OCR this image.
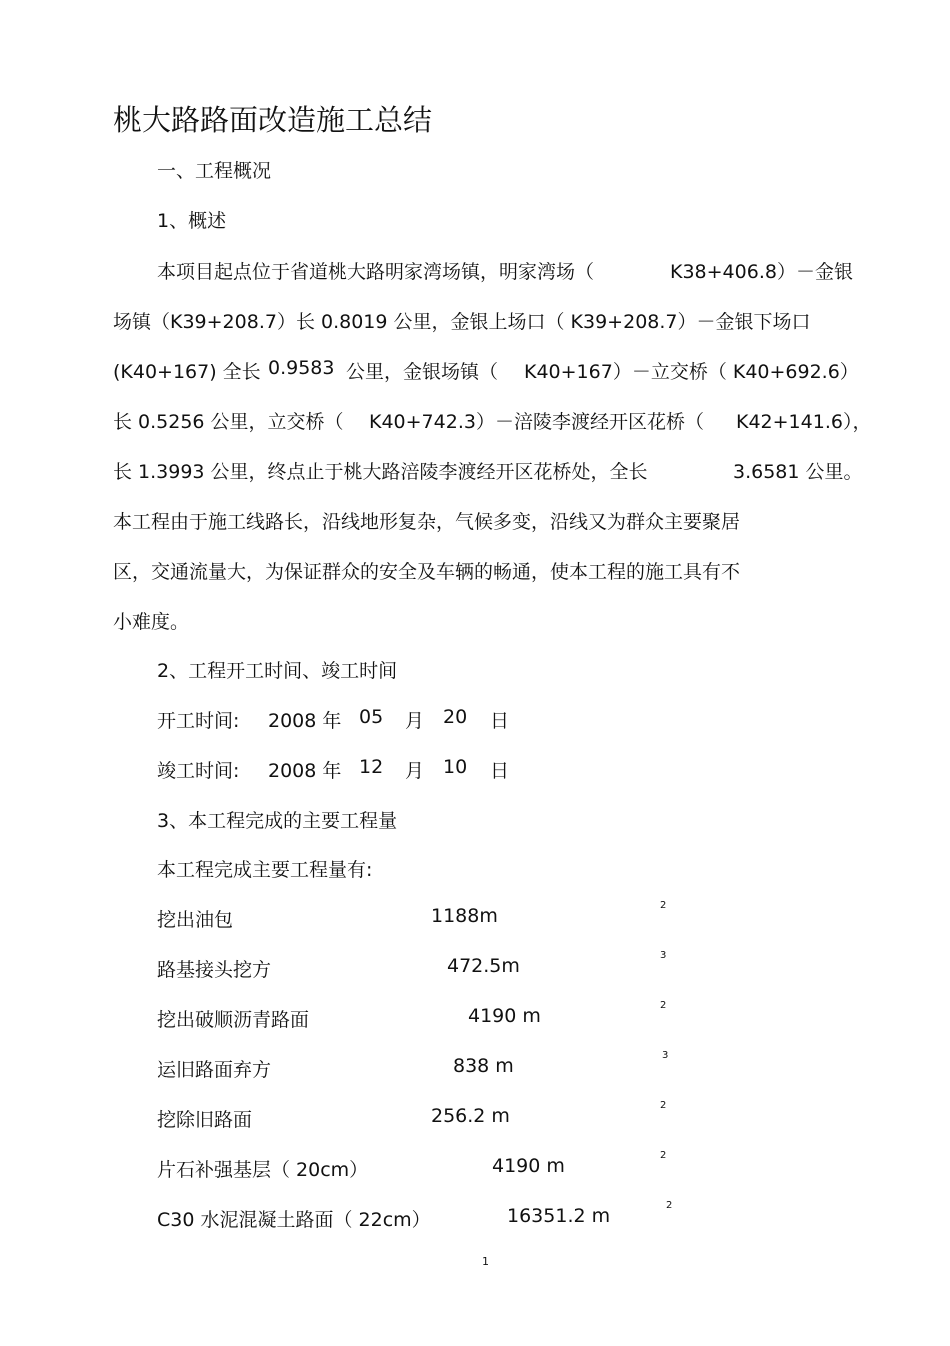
桃大路路面改造施工总结
一、工程概况
1、概述
本项目起点位于省道桃大路明家湾场镇，明家湾场（	K38+406.8）－金银
场镇（K39+208.7）长 0.8019 公里，金银上场口（ K39+208.7）－金银下场口
(K40+167) 全长 0.9583 公里，金银场镇（ K40+167）－立交桥（ K40+692.6）
长 0.5256 公里，立交桥（ K40+742.3）－涪陵李渡经开区花桥（ K42+141.6），
长 1.3993 公里，终点止于桃大路涪陵李渡经开区花桥处，全长	3.6581 公里。
本工程由于施工线路长，沿线地形复杂，气候多变，沿线又为群众主要聚居
区，交通流量大，为保证群众的安全及车辆的畅通，使本工程的施工具有不
小难度。
2、工程开工时间、竣工时间
开工时间: 2008 年 05 月 20 日
竣工时间: 2008 年 12 月 10 日
3、本工程完成的主要工程量
本工程完成主要工程量有:
挖出油包	1188m	2
路基接头挖方	472.5m	3
挖出破顺沥青路面	4190 m	2
运旧路面弃方	838 m	3
挖除旧路面	256.2 m	2
片石补强基层（ 20cm）	4190 m	2
C30 水泥混凝土路面（ 22cm）	16351.2 m	2
1
